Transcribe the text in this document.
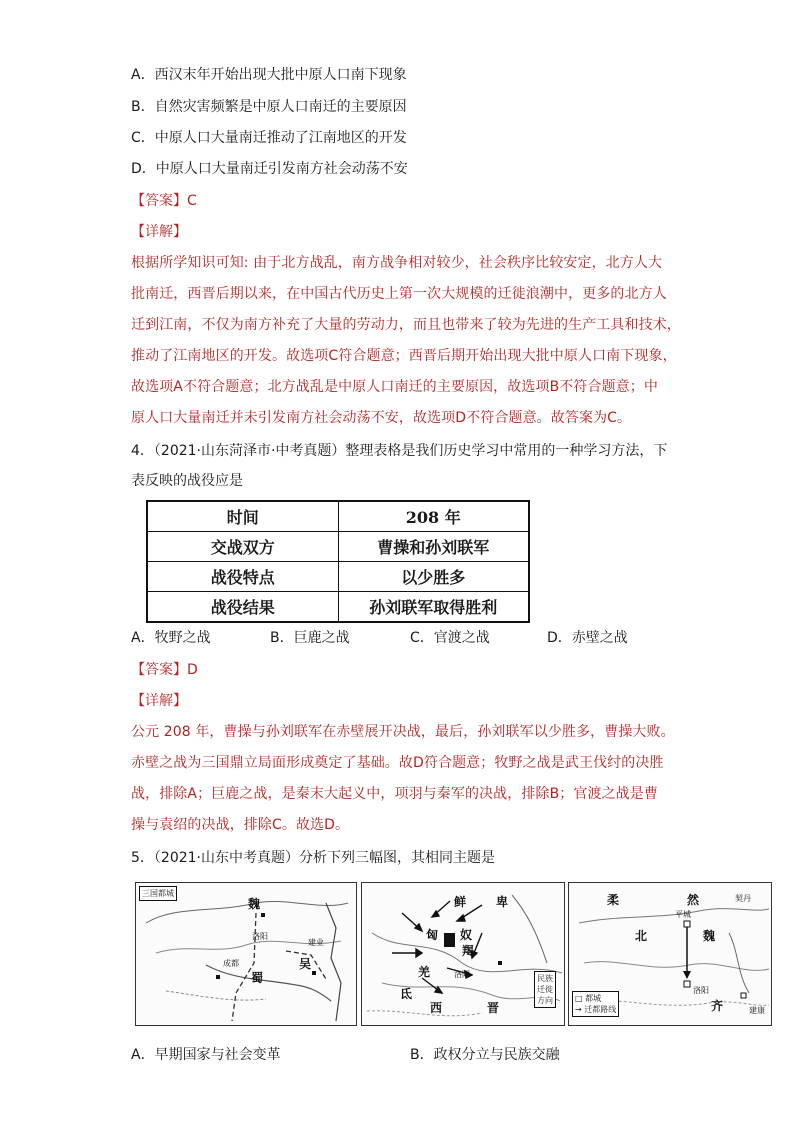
A．西汉末年开始出现大批中原人口南下现象
B．自然灾害频繁是中原人口南迁的主要原因
C．中原人口大量南迁推动了江南地区的开发
D．中原人口大量南迁引发南方社会动荡不安
【答案】C
【详解】
根据所学知识可知: 由于北方战乱，南方战争相对较少，社会秩序比较安定，北方人大
批南迁，西晋后期以来，在中国古代历史上第一次大规模的迁徙浪潮中，更多的北方人
迁到江南，不仅为南方补充了大量的劳动力，而且也带来了较为先进的生产工具和技术，
推动了江南地区的开发。故选项C符合题意；西晋后期开始出现大批中原人口南下现象，
故选项A不符合题意；北方战乱是中原人口南迁的主要原因，故选项B不符合题意；中
原人口大量南迁并未引发南方社会动荡不安，故选项D不符合题意。故答案为C。
4．（2021·山东菏泽市·中考真题）整理表格是我们历史学习中常用的一种学习方法，下
表反映的战役应是
时间	208 年
交战双方	曹操和孙刘联军
战役特点	以少胜多
战役结果	孙刘联军取得胜利
A．牧野之战	B．巨鹿之战	C．官渡之战	D．赤壁之战
【答案】D
【详解】
公元 208 年，曹操与孙刘联军在赤壁展开决战，最后，孙刘联军以少胜多，曹操大败。
赤壁之战为三国鼎立局面形成奠定了基础。故D符合题意；牧野之战是武王伐纣的决胜
战，排除A；巨鹿之战，是秦末大起义中，项羽与秦军的决战，排除B；官渡之战是曹
操与袁绍的决战，排除C。故选D。
5．（2021·山东中考真题）分析下列三幅图，其相同主题是
三国都城
魏
洛阳
成都
蜀
吴
建业
鲜 卑
匈 奴
羯
羌
氐
洛阳
西	晋
民族
迁徙
方向
柔	然	契丹
平城
北	魏
洛阳
齐	建康
□ 都城
→ 迁都路线
A．早期国家与社会变革	B．政权分立与民族交融
